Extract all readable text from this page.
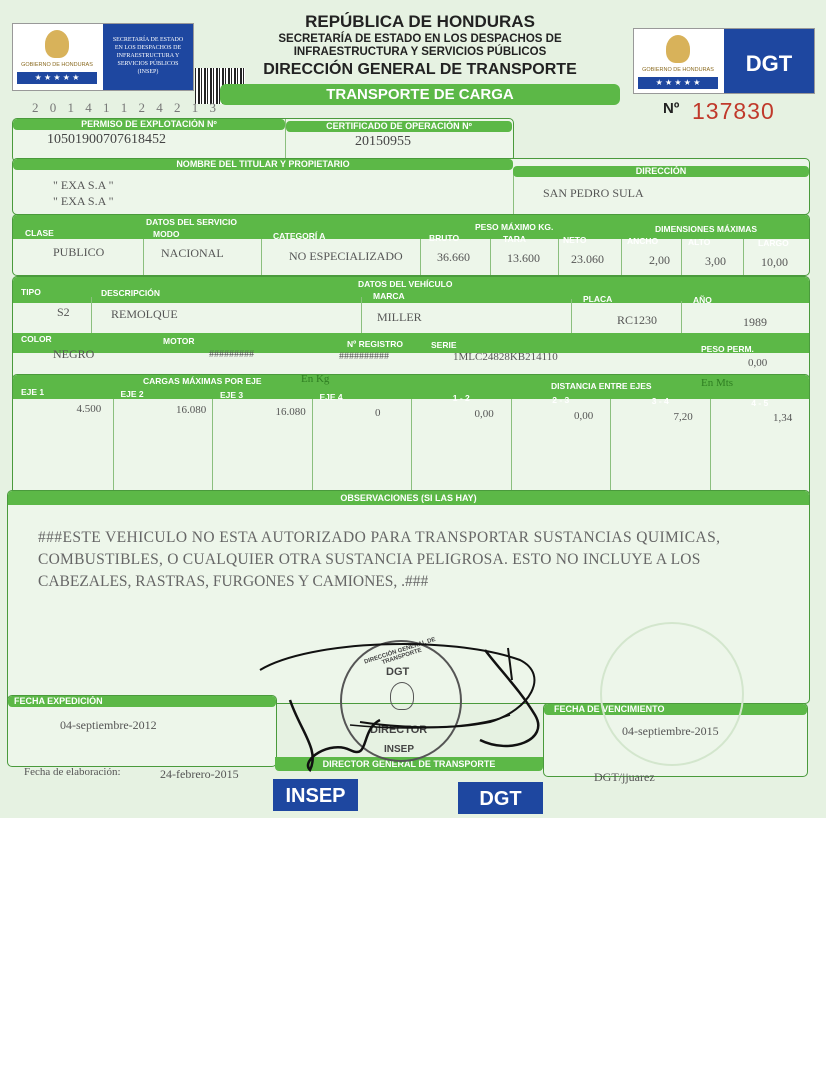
GOBIERNO DE HONDURAS
★ ★ ★ ★ ★
SECRETARÍA DE ESTADO
EN LOS DESPACHOS DE
INFRAESTRUCTURA Y
SERVICIOS PÚBLICOS
(INSEP)
2 0 1 4 1 1 2 4 2 1 3
REPÚBLICA DE HONDURAS
SECRETARÍA DE ESTADO EN LOS DESPACHOS DE
INFRAESTRUCTURA Y SERVICIOS PÚBLICOS
DIRECCIÓN GENERAL DE TRANSPORTE
TRANSPORTE DE CARGA
GOBIERNO DE HONDURAS
★ ★ ★ ★ ★
DGT
Nº 137830
PERMISO DE EXPLOTACIÓN Nº
10501900707618452
CERTIFICADO DE OPERACIÓN Nº
20150955
NOMBRE DEL TITULAR Y PROPIETARIO
" EXA S.A "
" EXA S.A "
DIRECCIÓN
SAN PEDRO SULA
DATOS DEL SERVICIO	PESO MÁXIMO KG.	DIMENSIONES MÁXIMAS
CLASE	MODO	CATEGORÍ A	BRUTO	TARA	NETO	ANCHO	ALTO	LARGO
PUBLICO	NACIONAL	NO ESPECIALIZADO	36.660	13.600	23.060	2,00	3,00	10,00
DATOS DEL VEHÍCULO
TIPO	DESCRIPCIÓN	MARCA	PLACA	AÑO
S2	REMOLQUE	MILLER	RC1230	1989
COLOR	MOTOR	Nº REGISTRO	SERIE	PESO PERM.
NEGRO	#########	##########	1MLC24828KB214110	0,00
CARGAS MÁXIMAS POR EJE	En Kg
DISTANCIA ENTRE EJES	En Mts
EJE 1
4.500
EJE 2
16.080
EJE 3
16.080
EJE 4
0
1 - 2
0,00
2 - 3
0,00
3 - 4
7,20
4 - 5
1,34
OBSERVACIONES (SI LAS HAY)
###ESTE VEHICULO NO ESTA AUTORIZADO PARA TRANSPORTAR SUSTANCIAS QUIMICAS,
COMBUSTIBLES, O CUALQUIER OTRA SUSTANCIA PELIGROSA. ESTO NO INCLUYE A LOS
CABEZALES, RASTRAS, FURGONES Y CAMIONES, .###
FECHA EXPEDICIÓN
04-septiembre-2012
DIRECTOR GENERAL DE TRANSPORTE
FECHA DE VENCIMIENTO
04-septiembre-2015
Fecha de elaboración:	24-febrero-2015	DGT/jjuarez
DGT
DIRECTOR
INSEP
DIRECCIÓN GENERAL DE TRANSPORTE
INSEP	DGT
